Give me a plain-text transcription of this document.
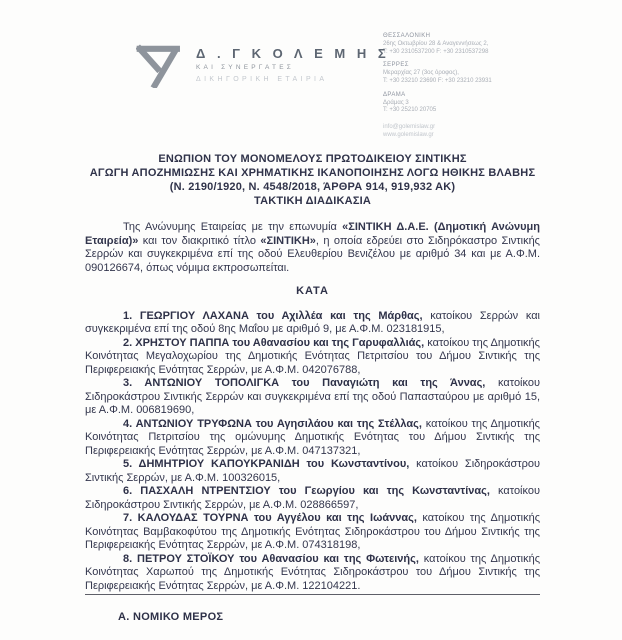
Δ . Γ Κ Ο Λ Ε Μ Η Σ
ΚΑΙ ΣΥΝΕΡΓΑΤΕΣ
ΔΙΚΗΓΟΡΙΚΗ ΕΤΑΙΡΙΑ
ΘΕΣΣΑΛΟΝΙΚΗ
26ης Οκτωβρίου 28 & Αναγεννήσεως 2,
T: +30 2310537200 F: +30 2310537298
ΣΕΡΡΕΣ
Μεραρχίας 27 (3ος όροφος),
T: +30 23210 23690 F: +30 23210 23931
ΔΡΑΜΑ
Δράμας 3
T: +30 25210 20705
info@golemislaw.gr
www.golemislaw.gr
ΕΝΩΠΙΟΝ ΤΟΥ ΜΟΝΟΜΕΛΟΥΣ ΠΡΩΤΟΔΙΚΕΙΟΥ ΣΙΝΤΙΚΗΣ
ΑΓΩΓΗ ΑΠΟΖΗΜΙΩΣΗΣ ΚΑΙ ΧΡΗΜΑΤΙΚΗΣ ΙΚΑΝΟΠΟΙΗΣΗΣ ΛΟΓΩ ΗΘΙΚΗΣ ΒΛΑΒΗΣ
(Ν. 2190/1920, Ν. 4548/2018, ΆΡΘΡΑ 914, 919,932 ΑΚ)
ΤΑΚΤΙΚΗ ΔΙΑΔΙΚΑΣΙΑ

Της Ανώνυμης Εταιρείας με την επωνυμία «ΣΙΝΤΙΚΗ Δ.Α.Ε. (Δημοτική Ανώνυμη Εταιρεία)» και τον διακριτικό τίτλο «ΣΙΝΤΙΚΗ», η οποία εδρεύει στο Σιδηρόκαστρο Σιντικής Σερρών και συγκεκριμένα επί της οδού Ελευθερίου Βενιζέλου με αριθμό 34 και με Α.Φ.Μ. 090126674, όπως νόμιμα εκπροσωπείται.

ΚΑΤΑ

1. ΓΕΩΡΓΙΟΥ ΛΑΧΑΝΑ του Αχιλλέα και της Μάρθας, κατοίκου Σερρών και συγκεκριμένα επί της οδού 8ης Μαΐου με αριθμό 9, με Α.Φ.Μ. 023181915,

2. ΧΡΗΣΤΟΥ ΠΑΠΠΑ του Αθανασίου και της Γαρυφαλλιάς, κατοίκου της Δημοτικής Κοινότητας Μεγαλοχωρίου της Δημοτικής Ενότητας Πετριτσίου του Δήμου Σιντικής της Περιφερειακής Ενότητας Σερρών, με Α.Φ.Μ. 042076788,

3. ΑΝΤΩΝΙΟΥ ΤΟΠΟΛΙΓΚΑ του Παναγιώτη και της Άννας, κατοίκου Σιδηροκάστρου Σιντικής Σερρών και συγκεκριμένα επί της οδού Παπασταύρου με αριθμό 15, με Α.Φ.Μ. 006819690,

4. ΑΝΤΩΝΙΟΥ ΤΡΥΦΩΝΑ του Αγησιλάου και της Στέλλας, κατοίκου της Δημοτικής Κοινότητας Πετριτσίου της ομώνυμης Δημοτικής Ενότητας του Δήμου Σιντικής της Περιφερειακής Ενότητας Σερρών, με Α.Φ.Μ. 047137321,

5. ΔΗΜΗΤΡΙΟΥ ΚΑΠΟΥΚΡΑΝΙΔΗ του Κωνσταντίνου, κατοίκου Σιδηροκάστρου Σιντικής Σερρών, με Α.Φ.Μ. 100326015,

6. ΠΑΣΧΑΛΗ ΝΤΡΕΝΤΣΙΟΥ του Γεωργίου και της Κωνσταντίνας, κατοίκου Σιδηροκάστρου Σιντικής Σερρών, με Α.Φ.Μ. 028866597,

7. ΚΑΛΟΥΔΑΣ ΤΟΥΡΝΑ του Αγγέλου και της Ιωάννας, κατοίκου της Δημοτικής Κοινότητας Βαμβακοφύτου της Δημοτικής Ενότητας Σιδηροκάστρου του Δήμου Σιντικής της Περιφερειακής Ενότητας Σερρών, με Α.Φ.Μ. 074318198,

8. ΠΕΤΡΟΥ ΣΤΟΪΚΟΥ του Αθανασίου και της Φωτεινής, κατοίκου της Δημοτικής Κοινότητας Χαρωπού της Δημοτικής Ενότητας Σιδηροκάστρου του Δήμου Σιντικής της Περιφερειακής Ενότητας Σερρών, με Α.Φ.Μ. 122104221.

Α. ΝΟΜΙΚΟ ΜΕΡΟΣ
